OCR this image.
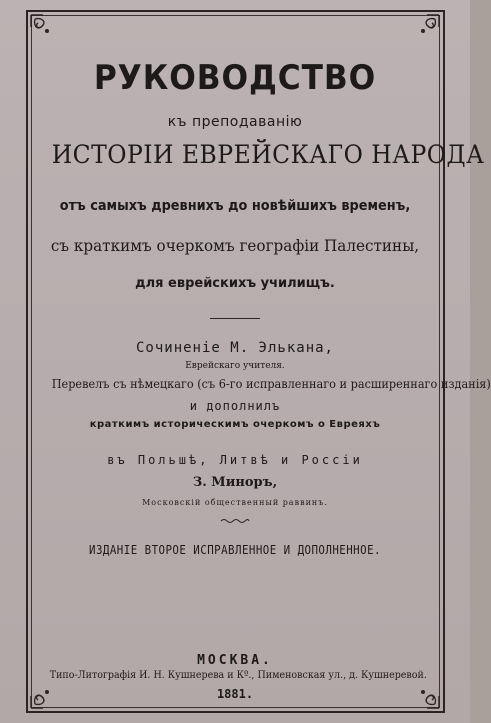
РУКОВОДСТВО
къ преподаванію
ИСТОРІИ ЕВРЕЙСКАГО НАРОДА
отъ самыхъ древнихъ до новѣйшихъ временъ,
съ краткимъ очеркомъ географіи Палестины,
для еврейскихъ училищъ.
Сочиненіе М. Элькана,
Еврейскаго учителя.
Перевелъ съ нѣмецкаго (съ 6-го исправленнаго и расширеннаго изданія)
и дополнилъ
краткимъ историческимъ очеркомъ о Евреяхъ
въ Польшѣ, Литвѣ и Россіи
З. Миноръ,
Московскій общественный раввинъ.
ИЗДАНІЕ ВТОРОЕ ИСПРАВЛЕННОЕ И ДОПОЛНЕННОЕ.
МОСКВА.
Типо-Литографія И. Н. Кушнерева и Кº., Пименовская ул., д. Кушнеревой.
1881.
